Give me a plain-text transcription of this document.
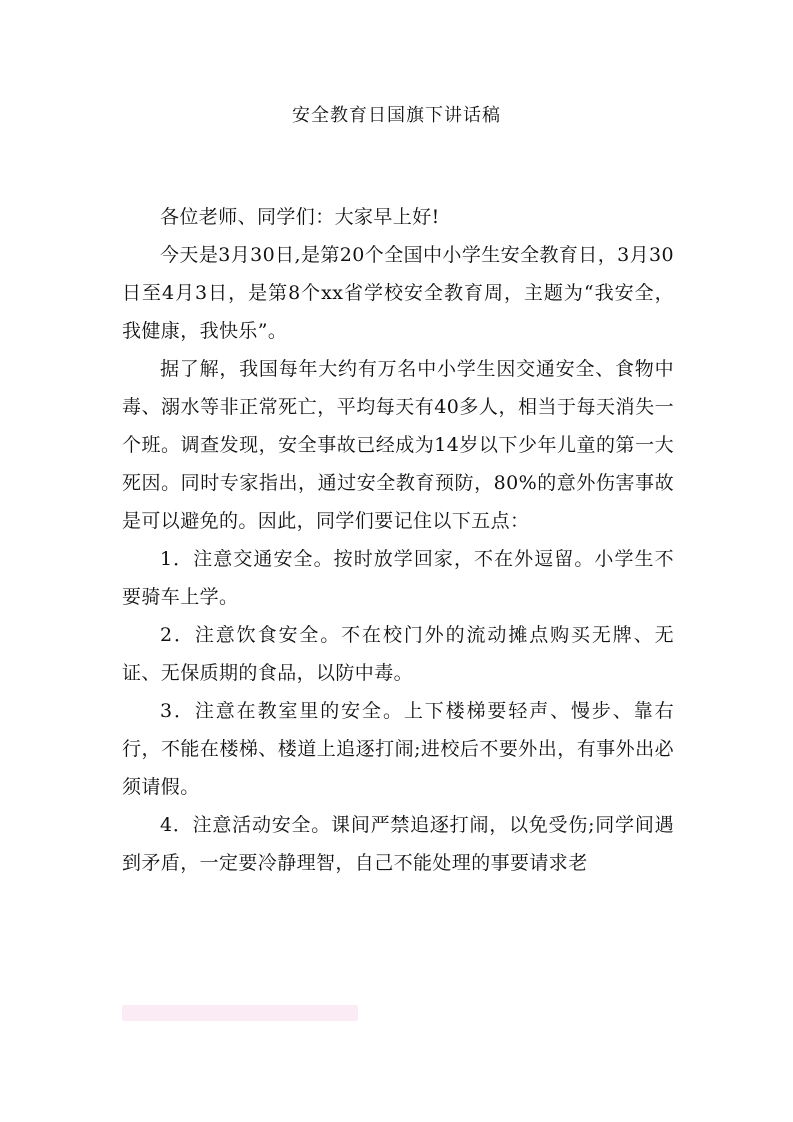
安全教育日国旗下讲话稿

各位老师、同学们：大家早上好!

今天是3月30日,是第20个全国中小学生安全教育日，3月30日至4月3日，是第8个xx省学校安全教育周，主题为“我安全，我健康，我快乐”。

据了解，我国每年大约有万名中小学生因交通安全、食物中毒、溺水等非正常死亡，平均每天有40多人，相当于每天消失一个班。调查发现，安全事故已经成为14岁以下少年儿童的第一大死因。同时专家指出，通过安全教育预防，80%的意外伤害事故是可以避免的。因此，同学们要记住以下五点：

1．注意交通安全。按时放学回家，不在外逗留。小学生不要骑车上学。

2．注意饮食安全。不在校门外的流动摊点购买无牌、无证、无保质期的食品，以防中毒。

3．注意在教室里的安全。上下楼梯要轻声、慢步、靠右行，不能在楼梯、楼道上追逐打闹;进校后不要外出，有事外出必须请假。

4．注意活动安全。课间严禁追逐打闹，以免受伤;同学间遇到矛盾，一定要冷静理智，自己不能处理的事要请求老
